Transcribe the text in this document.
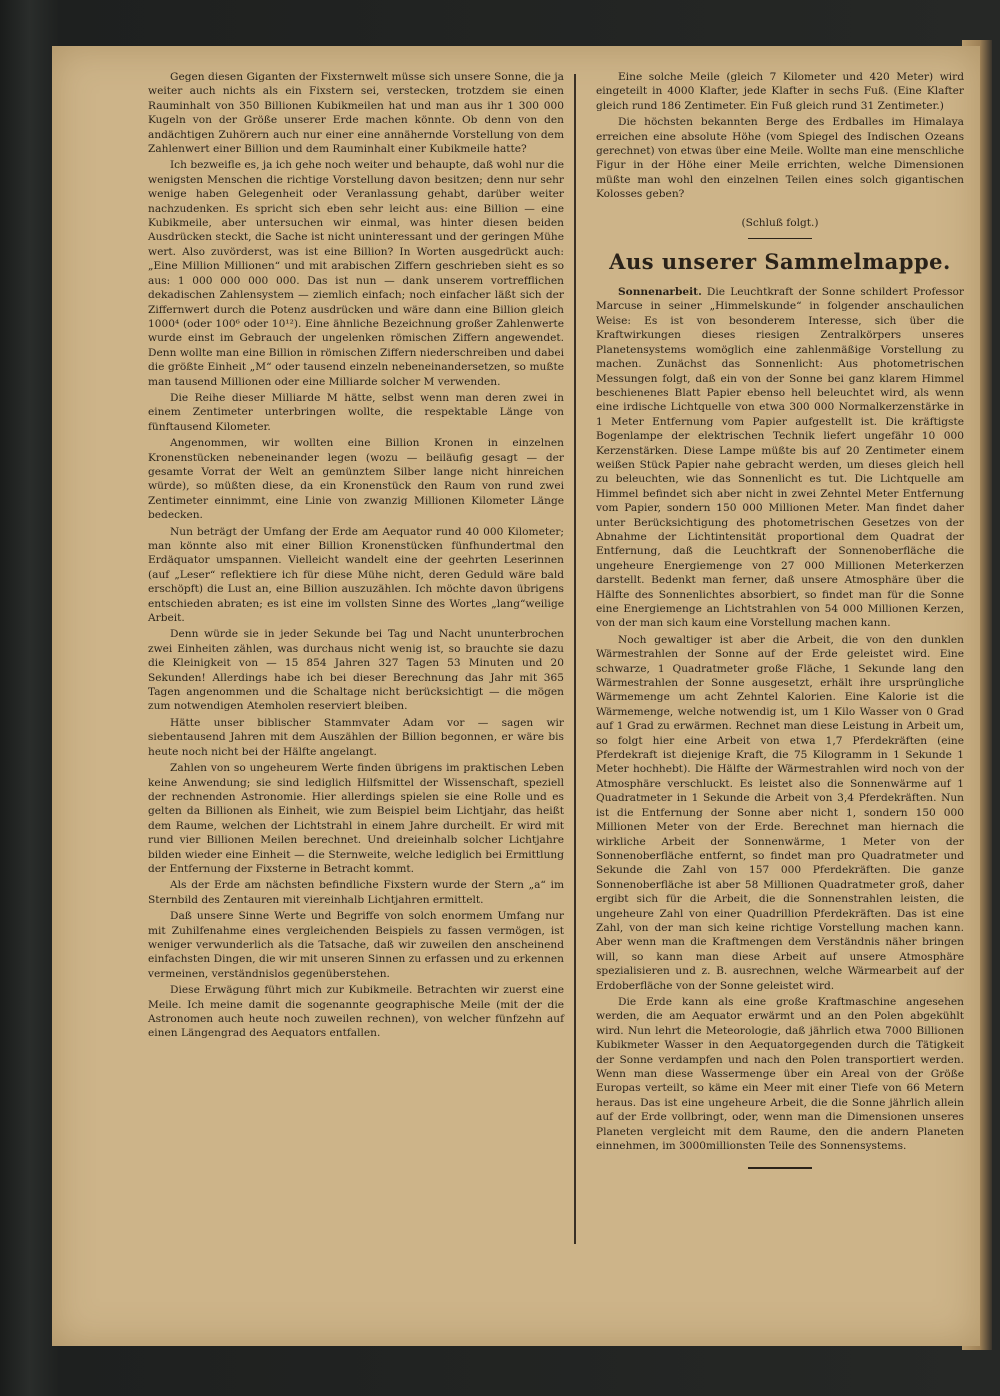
Gegen diesen Giganten der Fixsternwelt müsse sich unsere Sonne, die ja weiter auch nichts als ein Fixstern sei, verstecken, trotzdem sie einen Rauminhalt von 350 Billionen Kubikmeilen hat und man aus ihr 1 300 000 Kugeln von der Größe unserer Erde machen könnte. Ob denn von den andächtigen Zuhörern auch nur einer eine annähernde Vorstellung von dem Zahlenwert einer Billion und dem Rauminhalt einer Kubikmeile hatte?

Ich bezweifle es, ja ich gehe noch weiter und behaupte, daß wohl nur die wenigsten Menschen die richtige Vorstellung davon besitzen; denn nur sehr wenige haben Gelegenheit oder Veranlassung gehabt, darüber weiter nachzudenken. Es spricht sich eben sehr leicht aus: eine Billion — eine Kubikmeile, aber untersuchen wir einmal, was hinter diesen beiden Ausdrücken steckt, die Sache ist nicht uninteressant und der geringen Mühe wert. Also zuvörderst, was ist eine Billion? In Worten ausgedrückt auch: „Eine Million Millionen“ und mit arabischen Ziffern geschrieben sieht es so aus: 1 000 000 000 000. Das ist nun — dank unserem vortrefflichen dekadischen Zahlensystem — ziemlich einfach; noch einfacher läßt sich der Ziffernwert durch die Potenz ausdrücken und wäre dann eine Billion gleich 1000⁴ (oder 100⁶ oder 10¹²). Eine ähnliche Bezeichnung großer Zahlenwerte wurde einst im Gebrauch der ungelenken römischen Ziffern angewendet. Denn wollte man eine Billion in römischen Ziffern niederschreiben und dabei die größte Einheit „M“ oder tausend einzeln nebeneinandersetzen, so mußte man tausend Millionen oder eine Milliarde solcher M verwenden.

Die Reihe dieser Milliarde M hätte, selbst wenn man deren zwei in einem Zentimeter unterbringen wollte, die respektable Länge von fünftausend Kilometer.

Angenommen, wir wollten eine Billion Kronen in einzelnen Kronenstücken nebeneinander legen (wozu — beiläufig gesagt — der gesamte Vorrat der Welt an gemünztem Silber lange nicht hinreichen würde), so müßten diese, da ein Kronenstück den Raum von rund zwei Zentimeter einnimmt, eine Linie von zwanzig Millionen Kilometer Länge bedecken.

Nun beträgt der Umfang der Erde am Aequator rund 40 000 Kilometer; man könnte also mit einer Billion Kronenstücken fünfhundertmal den Erdäquator umspannen. Vielleicht wandelt eine der geehrten Leserinnen (auf „Leser“ reflektiere ich für diese Mühe nicht, deren Geduld wäre bald erschöpft) die Lust an, eine Billion auszuzählen. Ich möchte davon übrigens entschieden abraten; es ist eine im vollsten Sinne des Wortes „lang“weilige Arbeit.

Denn würde sie in jeder Sekunde bei Tag und Nacht ununterbrochen zwei Einheiten zählen, was durchaus nicht wenig ist, so brauchte sie dazu die Kleinigkeit von — 15 854 Jahren 327 Tagen 53 Minuten und 20 Sekunden! Allerdings habe ich bei dieser Berechnung das Jahr mit 365 Tagen angenommen und die Schaltage nicht berücksichtigt — die mögen zum notwendigen Atemholen reserviert bleiben.

Hätte unser biblischer Stammvater Adam vor — sagen wir siebentausend Jahren mit dem Auszählen der Billion begonnen, er wäre bis heute noch nicht bei der Hälfte angelangt.

Zahlen von so ungeheurem Werte finden übrigens im praktischen Leben keine Anwendung; sie sind lediglich Hilfsmittel der Wissenschaft, speziell der rechnenden Astronomie. Hier allerdings spielen sie eine Rolle und es gelten da Billionen als Einheit, wie zum Beispiel beim Lichtjahr, das heißt dem Raume, welchen der Lichtstrahl in einem Jahre durcheilt. Er wird mit rund vier Billionen Meilen berechnet. Und dreieinhalb solcher Lichtjahre bilden wieder eine Einheit — die Sternweite, welche lediglich bei Ermittlung der Entfernung der Fixsterne in Betracht kommt.

Als der Erde am nächsten befindliche Fixstern wurde der Stern „a“ im Sternbild des Zentauren mit viereinhalb Lichtjahren ermittelt.

Daß unsere Sinne Werte und Begriffe von solch enormem Umfang nur mit Zuhilfenahme eines vergleichenden Beispiels zu fassen vermögen, ist weniger verwunderlich als die Tatsache, daß wir zuweilen den anscheinend einfachsten Dingen, die wir mit unseren Sinnen zu erfassen und zu erkennen vermeinen, verständnislos gegenüberstehen.

Diese Erwägung führt mich zur Kubikmeile. Betrachten wir zuerst eine Meile. Ich meine damit die sogenannte geographische Meile (mit der die Astronomen auch heute noch zuweilen rechnen), von welcher fünfzehn auf einen Längengrad des Aequators entfallen.

Eine solche Meile (gleich 7 Kilometer und 420 Meter) wird eingeteilt in 4000 Klafter, jede Klafter in sechs Fuß. (Eine Klafter gleich rund 186 Zentimeter. Ein Fuß gleich rund 31 Zentimeter.)

Die höchsten bekannten Berge des Erdballes im Himalaya erreichen eine absolute Höhe (vom Spiegel des Indischen Ozeans gerechnet) von etwas über eine Meile. Wollte man eine menschliche Figur in der Höhe einer Meile errichten, welche Dimensionen müßte man wohl den einzelnen Teilen eines solch gigantischen Kolosses geben?

(Schluß folgt.)

Aus unserer Sammelmappe.

Sonnenarbeit. Die Leuchtkraft der Sonne schildert Professor Marcuse in seiner „Himmelskunde“ in folgender anschaulichen Weise: Es ist von besonderem Interesse, sich über die Kraftwirkungen dieses riesigen Zentralkörpers unseres Planetensystems womöglich eine zahlenmäßige Vorstellung zu machen. Zunächst das Sonnenlicht: Aus photometrischen Messungen folgt, daß ein von der Sonne bei ganz klarem Himmel beschienenes Blatt Papier ebenso hell beleuchtet wird, als wenn eine irdische Lichtquelle von etwa 300 000 Normalkerzenstärke in 1 Meter Entfernung vom Papier aufgestellt ist. Die kräftigste Bogenlampe der elektrischen Technik liefert ungefähr 10 000 Kerzenstärken. Diese Lampe müßte bis auf 20 Zentimeter einem weißen Stück Papier nahe gebracht werden, um dieses gleich hell zu beleuchten, wie das Sonnenlicht es tut. Die Lichtquelle am Himmel befindet sich aber nicht in zwei Zehntel Meter Entfernung vom Papier, sondern 150 000 Millionen Meter. Man findet daher unter Berücksichtigung des photometrischen Gesetzes von der Abnahme der Lichtintensität proportional dem Quadrat der Entfernung, daß die Leuchtkraft der Sonnenoberfläche die ungeheure Energiemenge von 27 000 Millionen Meterkerzen darstellt. Bedenkt man ferner, daß unsere Atmosphäre über die Hälfte des Sonnenlichtes absorbiert, so findet man für die Sonne eine Energiemenge an Lichtstrahlen von 54 000 Millionen Kerzen, von der man sich kaum eine Vorstellung machen kann.

Noch gewaltiger ist aber die Arbeit, die von den dunklen Wärmestrahlen der Sonne auf der Erde geleistet wird. Eine schwarze, 1 Quadratmeter große Fläche, 1 Sekunde lang den Wärmestrahlen der Sonne ausgesetzt, erhält ihre ursprüngliche Wärmemenge um acht Zehntel Kalorien. Eine Kalorie ist die Wärmemenge, welche notwendig ist, um 1 Kilo Wasser von 0 Grad auf 1 Grad zu erwärmen. Rechnet man diese Leistung in Arbeit um, so folgt hier eine Arbeit von etwa 1,7 Pferdekräften (eine Pferdekraft ist diejenige Kraft, die 75 Kilogramm in 1 Sekunde 1 Meter hochhebt). Die Hälfte der Wärmestrahlen wird noch von der Atmosphäre verschluckt. Es leistet also die Sonnenwärme auf 1 Quadratmeter in 1 Sekunde die Arbeit von 3,4 Pferdekräften. Nun ist die Entfernung der Sonne aber nicht 1, sondern 150 000 Millionen Meter von der Erde. Berechnet man hiernach die wirkliche Arbeit der Sonnenwärme, 1 Meter von der Sonnenoberfläche entfernt, so findet man pro Quadratmeter und Sekunde die Zahl von 157 000 Pferdekräften. Die ganze Sonnenoberfläche ist aber 58 Millionen Quadratmeter groß, daher ergibt sich für die Arbeit, die die Sonnenstrahlen leisten, die ungeheure Zahl von einer Quadrillion Pferdekräften. Das ist eine Zahl, von der man sich keine richtige Vorstellung machen kann. Aber wenn man die Kraftmengen dem Verständnis näher bringen will, so kann man diese Arbeit auf unsere Atmosphäre spezialisieren und z. B. ausrechnen, welche Wärmearbeit auf der Erdoberfläche von der Sonne geleistet wird.

Die Erde kann als eine große Kraftmaschine angesehen werden, die am Aequator erwärmt und an den Polen abgekühlt wird. Nun lehrt die Meteorologie, daß jährlich etwa 7000 Billionen Kubikmeter Wasser in den Aequatorgegenden durch die Tätigkeit der Sonne verdampfen und nach den Polen transportiert werden. Wenn man diese Wassermenge über ein Areal von der Größe Europas verteilt, so käme ein Meer mit einer Tiefe von 66 Metern heraus. Das ist eine ungeheure Arbeit, die die Sonne jährlich allein auf der Erde vollbringt, oder, wenn man die Dimensionen unseres Planeten vergleicht mit dem Raume, den die andern Planeten einnehmen, im 3000millionsten Teile des Sonnensystems.
